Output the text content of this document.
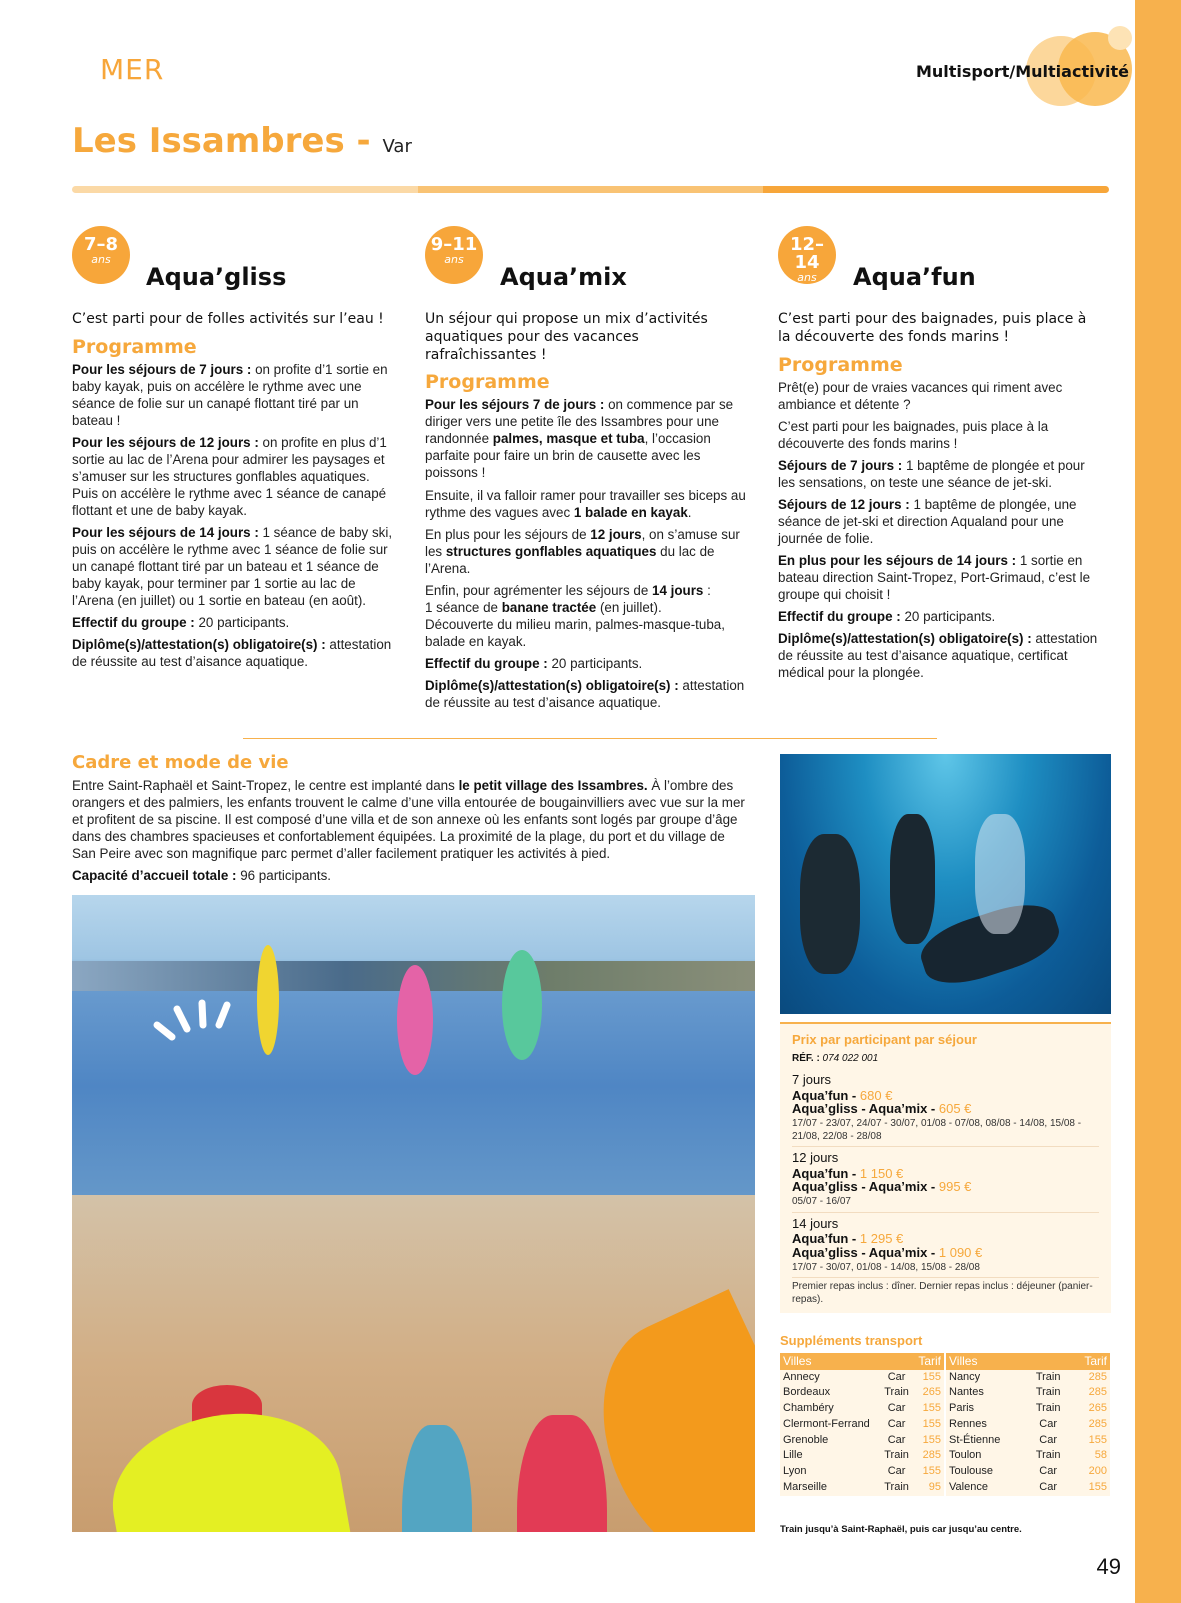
MER	Multisport/Multiactivité
Les Issambres - Var
7–8
ans
Aqua’gliss
C’est parti pour de folles activités sur l’eau !
Programme

Pour les séjours de 7 jours : on profite d’1 sortie en baby kayak, puis on accélère le rythme avec une séance de folie sur un canapé flottant tiré par un bateau !

Pour les séjours de 12 jours : on profite en plus d’1 sortie au lac de l’Arena pour admirer les paysages et s’amuser sur les structures gonflables aquatiques. Puis on accélère le rythme avec 1 séance de canapé flottant et une de baby kayak.

Pour les séjours de 14 jours : 1 séance de baby ski, puis on accélère le rythme avec 1 séance de folie sur un canapé flottant tiré par un bateau et 1 séance de baby kayak, pour terminer par 1 sortie au lac de l’Arena (en juillet) ou 1 sortie en bateau (en août).

Effectif du groupe : 20 participants.

Diplôme(s)/attestation(s) obligatoire(s) : attestation de réussite au test d’aisance aquatique.

9–11
ans
Aqua’mix
Un séjour qui propose un mix d’activités aquatiques pour des vacances rafraîchissantes !
Programme

Pour les séjours 7 de jours : on commence par se diriger vers une petite île des Issambres pour une randonnée palmes, masque et tuba, l’occasion parfaite pour faire un brin de causette avec les poissons !

Ensuite, il va falloir ramer pour travailler ses biceps au rythme des vagues avec 1 balade en kayak.

En plus pour les séjours de 12 jours, on s’amuse sur les structures gonflables aquatiques du lac de l’Arena.

Enfin, pour agrémenter les séjours de 14 jours :
1 séance de banane tractée (en juillet).
Découverte du milieu marin, palmes-masque-tuba, balade en kayak.

Effectif du groupe : 20 participants.

Diplôme(s)/attestation(s) obligatoire(s) : attestation de réussite au test d’aisance aquatique.

12–14
ans	Aqua’fun
C’est parti pour des baignades, puis place à la découverte des fonds marins !
Programme

Prêt(e) pour de vraies vacances qui riment avec ambiance et détente ?

C’est parti pour les baignades, puis place à la découverte des fonds marins !

Séjours de 7 jours : 1 baptême de plongée et pour les sensations, on teste une séance de jet-ski.

Séjours de 12 jours : 1 baptême de plongée, une séance de jet-ski et direction Aqualand pour une journée de folie.

En plus pour les séjours de 14 jours : 1 sortie en bateau direction Saint-Tropez, Port-Grimaud, c’est le groupe qui choisit !

Effectif du groupe : 20 participants.

Diplôme(s)/attestation(s) obligatoire(s) : attestation de réussite au test d’aisance aquatique, certificat médical pour la plongée.

Cadre et mode de vie

Entre Saint-Raphaël et Saint-Tropez, le centre est implanté dans le petit village des Issambres. À l’ombre des orangers et des palmiers, les enfants trouvent le calme d’une villa entourée de bougainvilliers avec vue sur la mer et profitent de sa piscine. Il est composé d’une villa et de son annexe où les enfants sont logés par groupe d’âge dans des chambres spacieuses et confortablement équipées. La proximité de la plage, du port et du village de San Peire avec son magnifique parc permet d’aller facilement pratiquer les activités à pied.

Capacité d’accueil totale : 96 participants.

Prix par participant par séjour
RÉF. : 074 022 001
7 jours
Aqua’fun - 680 €
Aqua’gliss - Aqua’mix - 605 €
17/07 - 23/07, 24/07 - 30/07, 01/08 - 07/08, 08/08 - 14/08, 15/08 - 21/08, 22/08 - 28/08
12 jours
Aqua’fun - 1 150 €
Aqua’gliss - Aqua’mix - 995 €
05/07 - 16/07
14 jours
Aqua’fun - 1 295 €
Aqua’gliss - Aqua’mix - 1 090 €
17/07 - 30/07, 01/08 - 14/08, 15/08 - 28/08
Premier repas inclus : dîner. Dernier repas inclus : déjeuner (panier-repas).
Suppléments transport
Villes		Tarif
Annecy	Car	155
Bordeaux	Train	265
Chambéry	Car	155
Clermont-Ferrand	Car	155
Grenoble	Car	155
Lille	Train	285
Lyon	Car	155
Marseille	Train	95
Villes		Tarif
Nancy	Train	285
Nantes	Train	285
Paris	Train	265
Rennes	Car	285
St-Étienne	Car	155
Toulon	Train	58
Toulouse	Car	200
Valence	Car	155
Train jusqu’à Saint-Raphaël, puis car jusqu’au centre.
49
